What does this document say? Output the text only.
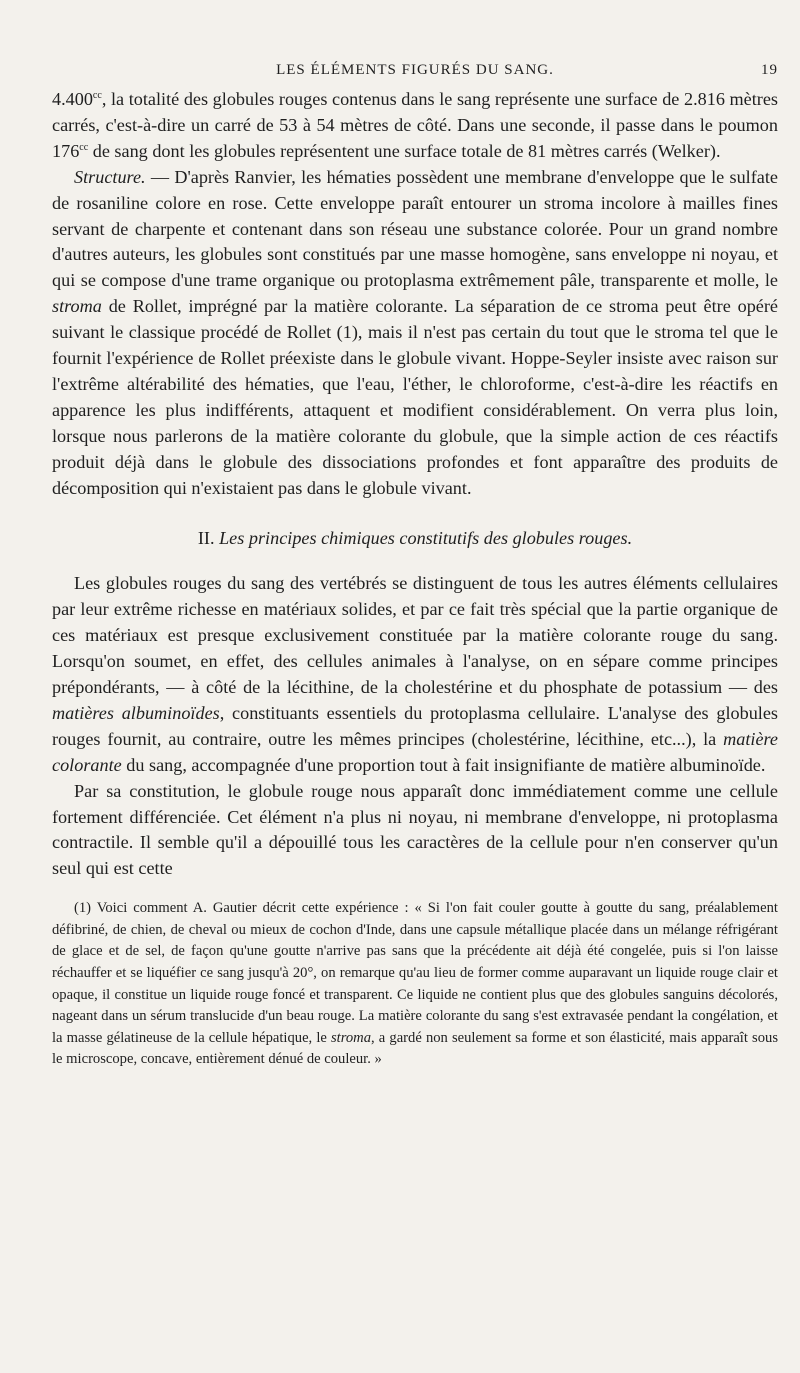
LES ÉLÉMENTS FIGURÉS DU SANG.	19

4.400$^{cc}$, la totalité des globules rouges contenus dans le sang représente une surface de 2.816 mètres carrés, c'est-à-dire un carré de 53 à 54 mètres de côté. Dans une seconde, il passe dans le poumon $176^{cc}$ de sang dont les globules représentent une surface totale de 81 mètres carrés (Welker).

Structure. — D'après Ranvier, les hématies possèdent une membrane d'enveloppe que le sulfate de rosaniline colore en rose. Cette enveloppe paraît entourer un stroma incolore à mailles fines servant de charpente et contenant dans son réseau une substance colorée. Pour un grand nombre d'autres auteurs, les globules sont constitués par une masse homogène, sans enveloppe ni noyau, et qui se compose d'une trame organique ou protoplasma extrêmement pâle, transparente et molle, le stroma de Rollet, imprégné par la matière colorante. La séparation de ce stroma peut être opéré suivant le classique procédé de Rollet (1), mais il n'est pas certain du tout que le stroma tel que le fournit l'expérience de Rollet préexiste dans le globule vivant. Hoppe-Seyler insiste avec raison sur l'extrême altérabilité des hématies, que l'eau, l'éther, le chloroforme, c'est-à-dire les réactifs en apparence les plus indifférents, attaquent et modifient considérablement. On verra plus loin, lorsque nous parlerons de la matière colorante du globule, que la simple action de ces réactifs produit déjà dans le globule des dissociations profondes et font apparaître des produits de décomposition qui n'existaient pas dans le globule vivant.

II. Les principes chimiques constitutifs des globules rouges.

Les globules rouges du sang des vertébrés se distinguent de tous les autres éléments cellulaires par leur extrême richesse en matériaux solides, et par ce fait très spécial que la partie organique de ces matériaux est presque exclusivement constituée par la matière colorante rouge du sang. Lorsqu'on soumet, en effet, des cellules animales à l'analyse, on en sépare comme principes prépondérants, — à côté de la lécithine, de la cholestérine et du phosphate de potassium — des matières albuminoïdes, constituants essentiels du protoplasma cellulaire. L'analyse des globules rouges fournit, au contraire, outre les mêmes principes (cholestérine, lécithine, etc...), la matière colorante du sang, accompagnée d'une proportion tout à fait insignifiante de matière albuminoïde.

Par sa constitution, le globule rouge nous apparaît donc immédiatement comme une cellule fortement différenciée. Cet élément n'a plus ni noyau, ni membrane d'enveloppe, ni protoplasma contractile. Il semble qu'il a dépouillé tous les caractères de la cellule pour n'en conserver qu'un seul qui est cette

(1) Voici comment A. Gautier décrit cette expérience : « Si l'on fait couler goutte à goutte du sang, préalablement défibriné, de chien, de cheval ou mieux de cochon d'Inde, dans une capsule métallique placée dans un mélange réfrigérant de glace et de sel, de façon qu'une goutte n'arrive pas sans que la précédente ait déjà été congelée, puis si l'on laisse réchauffer et se liquéfier ce sang jusqu'à 20°, on remarque qu'au lieu de former comme auparavant un liquide rouge clair et opaque, il constitue un liquide rouge foncé et transparent. Ce liquide ne contient plus que des globules sanguins décolorés, nageant dans un sérum translucide d'un beau rouge. La matière colorante du sang s'est extravasée pendant la congélation, et la masse gélatineuse de la cellule hépatique, le stroma, a gardé non seulement sa forme et son élasticité, mais apparaît sous le microscope, concave, entièrement dénué de couleur. »
